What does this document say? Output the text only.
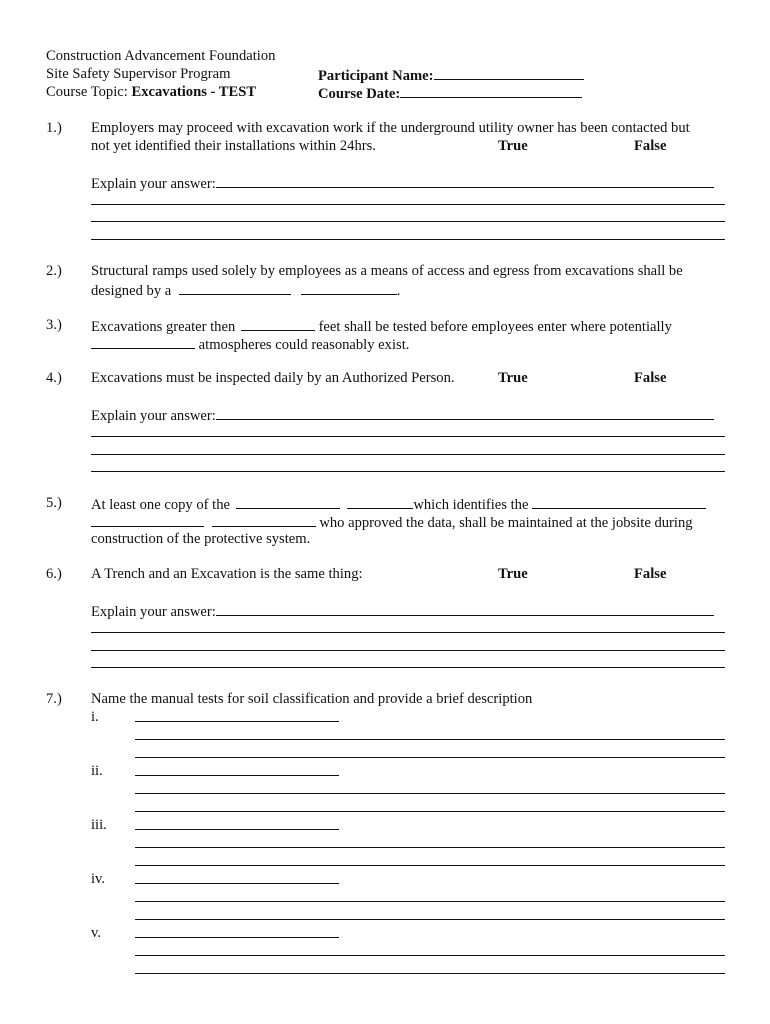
Construction Advancement Foundation
Site Safety Supervisor Program
Course Topic: Excavations - TEST
Participant Name:
Course Date:
1.) Employers may proceed with excavation work if the underground utility owner has been contacted but
not yet identified their installations within 24hrs.	True	False
Explain your answer:
2.) Structural ramps used solely by employees as a means of access and egress from excavations shall be
designed by a	.
3.) Excavations greater then	feet shall be tested before employees enter where potentially
atmospheres could reasonably exist.
4.) Excavations must be inspected daily by an Authorized Person.	True	False
Explain your answer:
5.) At least one copy of the	which identifies the
who approved the data, shall be maintained at the jobsite during
construction of the protective system.
6.) A Trench and an Excavation is the same thing:	True	False
Explain your answer:
7.) Name the manual tests for soil classification and provide a brief description
i.
ii.
iii.
iv.
v.
